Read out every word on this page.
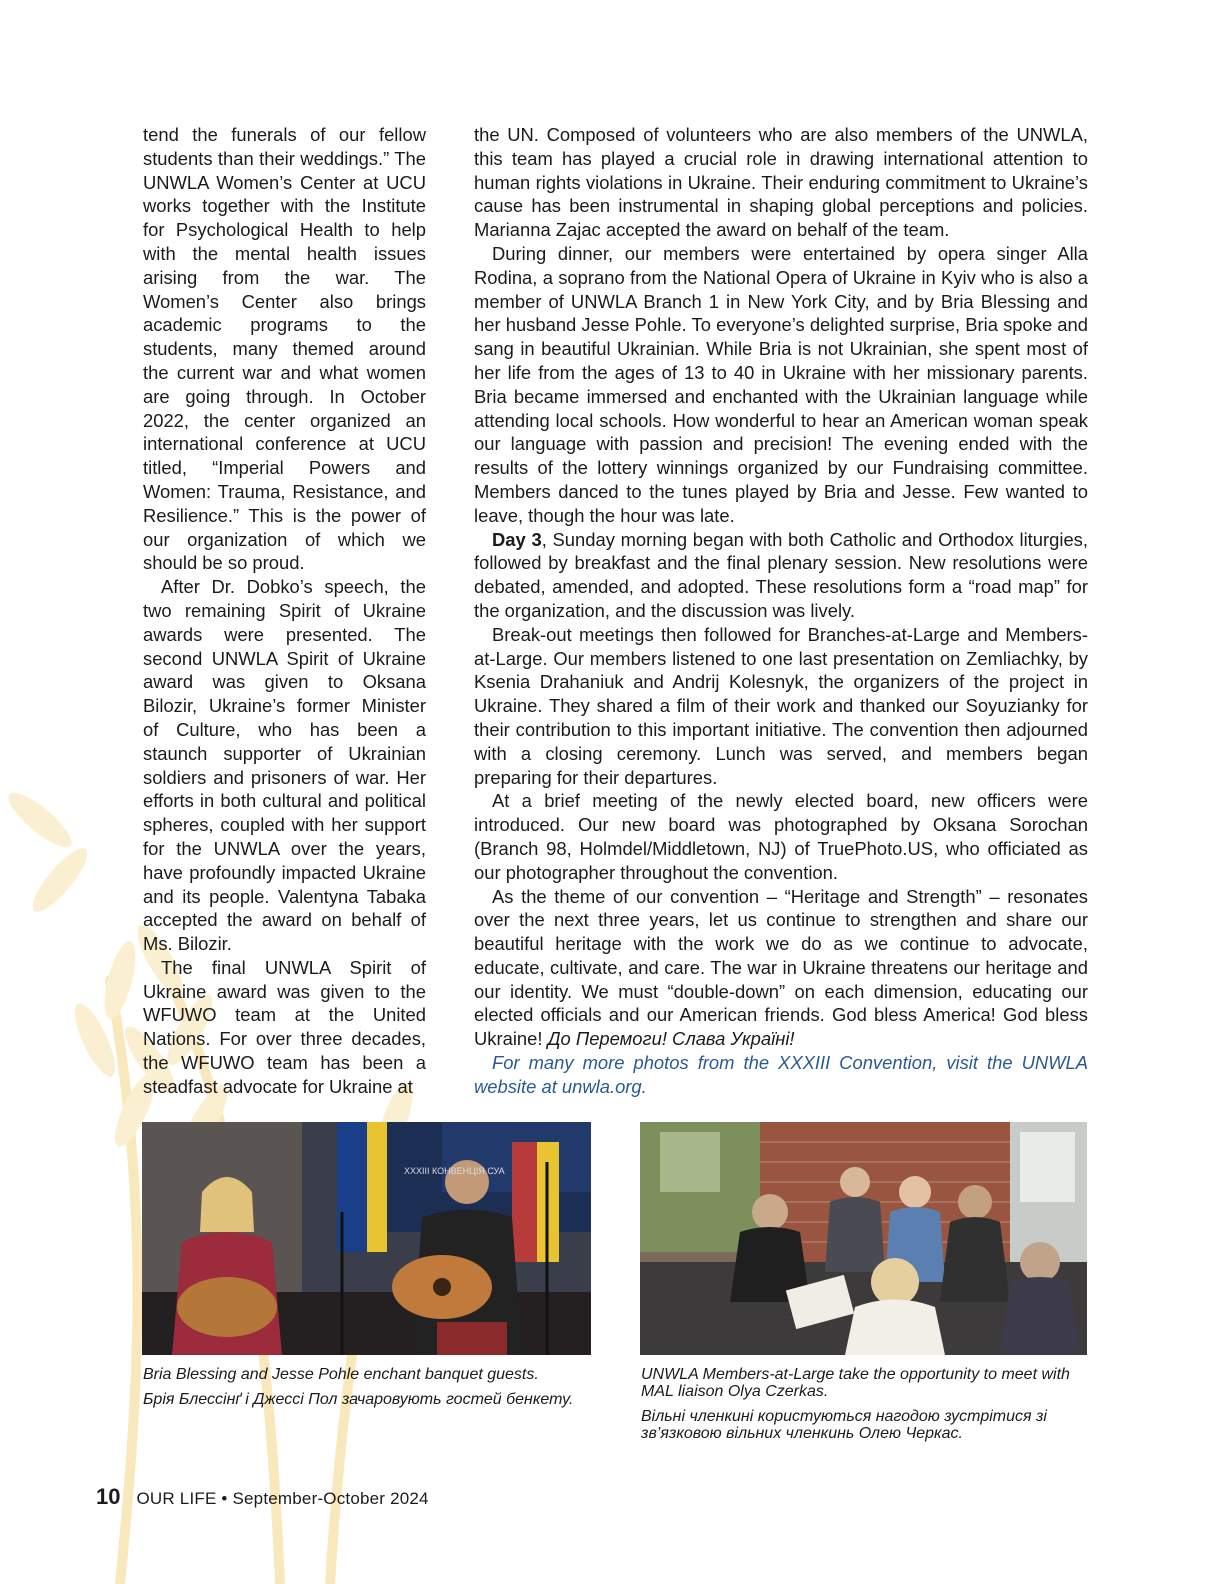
tend the funerals of our fellow students than their weddings.” The UNWLA Women’s Center at UCU works together with the Institute for Psychological Health to help with the mental health issues arising from the war. The Women’s Center also brings academic programs to the students, many themed around the current war and what women are going through. In October 2022, the center organized an international conference at UCU titled, “Imperial Powers and Women: Trauma, Resistance, and Resilience.” This is the power of our organization of which we should be so proud.

After Dr. Dobko’s speech, the two remaining Spirit of Ukraine awards were presented. The second UNWLA Spirit of Ukraine award was given to Oksana Bilozir, Ukraine’s former Minister of Culture, who has been a staunch supporter of Ukrainian soldiers and prisoners of war. Her efforts in both cultural and political spheres, coupled with her support for the UNWLA over the years, have profoundly impacted Ukraine and its people. Valentyna Tabaka accepted the award on behalf of Ms. Bilozir.

The final UNWLA Spirit of Ukraine award was given to the WFUWO team at the United Nations. For over three decades, the WFUWO team has been a steadfast advocate for Ukraine at

the UN. Composed of volunteers who are also members of the UNWLA, this team has played a crucial role in drawing international attention to human rights violations in Ukraine. Their enduring commitment to Ukraine’s cause has been instrumental in shaping global perceptions and policies. Marianna Zajac accepted the award on behalf of the team.

During dinner, our members were entertained by opera singer Alla Rodina, a soprano from the National Opera of Ukraine in Kyiv who is also a member of UNWLA Branch 1 in New York City, and by Bria Blessing and her husband Jesse Pohle. To everyone’s delighted surprise, Bria spoke and sang in beautiful Ukrainian. While Bria is not Ukrainian, she spent most of her life from the ages of 13 to 40 in Ukraine with her missionary parents. Bria became immersed and enchanted with the Ukrainian language while attending local schools. How wonderful to hear an American woman speak our language with passion and precision! The evening ended with the results of the lottery winnings organized by our Fundraising committee. Members danced to the tunes played by Bria and Jesse. Few wanted to leave, though the hour was late.

Day 3, Sunday morning began with both Catholic and Orthodox liturgies, followed by breakfast and the final plenary session. New resolutions were debated, amended, and adopted. These resolutions form a “road map” for the organization, and the discussion was lively.

Break-out meetings then followed for Branches-at-Large and Members-at-Large. Our members listened to one last presentation on Zemliachky, by Ksenia Drahaniuk and Andrij Kolesnyk, the organizers of the project in Ukraine. They shared a film of their work and thanked our Soyuzianky for their contribution to this important initiative. The convention then adjourned with a closing ceremony. Lunch was served, and members began preparing for their departures.

At a brief meeting of the newly elected board, new officers were introduced. Our new board was photographed by Oksana Sorochan (Branch 98, Holmdel/Middletown, NJ) of TruePhoto.US, who officiated as our photographer throughout the convention.

As the theme of our convention – “Heritage and Strength” – resonates over the next three years, let us continue to strengthen and share our beautiful heritage with the work we do as we continue to advocate, educate, cultivate, and care. The war in Ukraine threatens our heritage and our identity. We must “double-down” on each dimension, educating our elected officials and our American friends. God bless America! God bless Ukraine! До Перемоги! Слава Україні!

For many more photos from the XXXIII Convention, visit the UNWLA website at unwla.org.

XXXIII КОНВЕНЦІЯ СУА

Bria Blessing and Jesse Pohle enchant banquet guests.

Брія Блессінґ і Джессі Пол зачаровують гостей бенкету.

UNWLA Members-at-Large take the opportunity to meet with MAL liaison Olya Czerkas.

Вільні членкині користуються нагодою зустрітися зі зв’язковою вільних членкинь Олею Черкас.

10 OUR LIFE • September-October 2024
